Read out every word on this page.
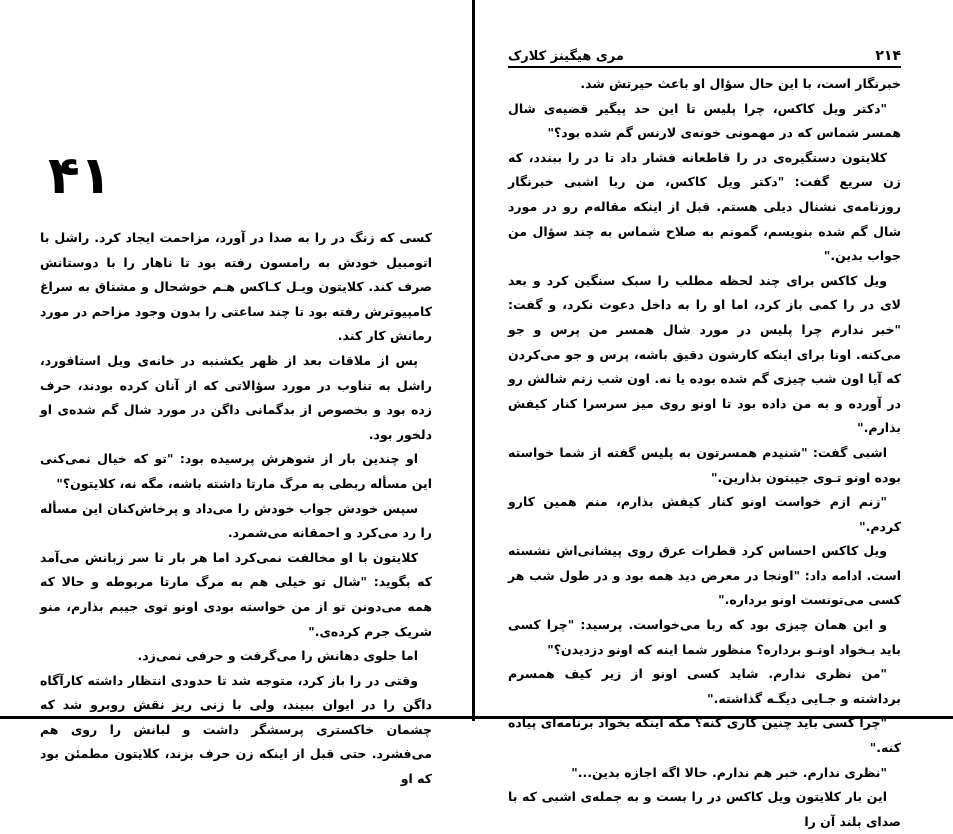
۴۱

کسی که زنگ در را به صدا در آورد، مزاحمت ایجاد کرد. راشل با اتومبیل خودش به رامسون رفته بود تا ناهار را با دوستانش صرف کند. کلایتون ویـل کـاکس هـم خوشحال و مشتاق به سراغ کامپیوترش رفته بود تا چند ساعتی را بدون وجود مزاحم در مورد رمانش کار کند.

پس از ملاقات بعد از ظهر یکشنبه در خانه‌ی ویل استافورد، راشل به تناوب در مورد سؤالاتی که از آنان کرده بودند، حرف زده بود و بخصوص از بدگمانی داگن در مورد شال گم شده‌ی او دلخور بود.

او چندین بار از شوهرش پرسیده بود: "تو که خیال نمی‌کنی این مسأله ربطی به مرگ مارتا داشته باشه، مگه نه، کلایتون؟"

سپس خودش جواب خودش را می‌داد و پرخاش‌کنان این مسأله را رد می‌کرد و احمقانه می‌شمرد.

کلایتون با او مخالفت نمی‌کرد اما هر بار تا سر زبانش می‌آمد که بگوید: "شال تو خیلی هم به مرگ مارتا مربوطه و حالا که همه می‌دونن تو از من خواسته بودی اونو توی جیبم بذارم، منو شریک جرم کرده‌ی."

اما جلوی دهانش را می‌گرفت و حرفی نمی‌زد.

وقتی در را باز کرد، متوجه شد تا حدودی انتظار داشته کارآگاه داگن را در ایوان ببیند، ولی با زنی ریز نقش روبرو شد که چشمان خاکستری پرسشگر داشت و لبانش را روی هم می‌فشرد. حتی قبل از اینکه زن حرف بزند، کلایتون مطمئن بود که او

۲۱۴
مری هیگینز کلارک

خبرنگار است، با این حال سؤال او باعث حیرتش شد.

"دکتر ویل کاکس، چرا پلیس تا این حد پیگیر قضیه‌ی شال همسر شماس که در مهمونی خونه‌ی لارنس گم شده بود؟"

کلایتون دستگیره‌ی در را قاطعانه فشار داد تا در را ببندد، که زن سریع گفت: "دکتر ویل کاکس، من ربا اشبی خبرنگار روزنامه‌ی نشنال دیلی هستم. قبل از اینکه مقاله‌م رو در مورد شال گم شده بنویسم، گمونم به صلاح شماس به چند سؤال من جواب بدین."

ویل کاکس برای چند لحظه مطلب را سبک سنگین کرد و بعد لای در را کمی باز کرد، اما او را به داخل دعوت نکرد، و گفت: "خبر ندارم چرا پلیس در مورد شال همسر من پرس و جو می‌کنه. اونا برای اینکه کارشون دقیق باشه، پرس و جو می‌کردن که آیا اون شب چیزی گم شده بوده یا نه. اون شب زنم شالش رو در آورده و به من داده بود تا اونو روی میز سرسرا کنار کیفش بذارم."

اشبی گفت: "شنیدم همسرتون به پلیس گفته از شما خواسته بوده اونو تـوی جیبتون بذارین."

"زنم ازم خواست اونو کنار کیفش بذارم، منم همین کارو کردم."

ویل کاکس احساس کرد قطرات عرق روی پیشانی‌اش نشسته است. ادامه داد: "اونجا در معرض دید همه بود و در طول شب هر کسی می‌تونست اونو برداره."

و این همان چیزی بود که ربا می‌خواست. پرسید: "چرا کسی باید بـخواد اونـو برداره؟ منظور شما اینه که اونو دزدیدن؟"

"من نظری ندارم. شاید کسی اونو از زیر کیف همسرم برداشته و جـایی دیگـه گذاشته."

"چرا کسی باید چنین کاری کنه؟ مگه اینکه بخواد برنامه‌ای پیاده کنه."

"نظری ندارم. خبر هم ندارم. حالا اگه اجازه بدین..."

این بار کلایتون ویل کاکس در را بست و به جمله‌ی اشبی که با صدای بلند آن را
